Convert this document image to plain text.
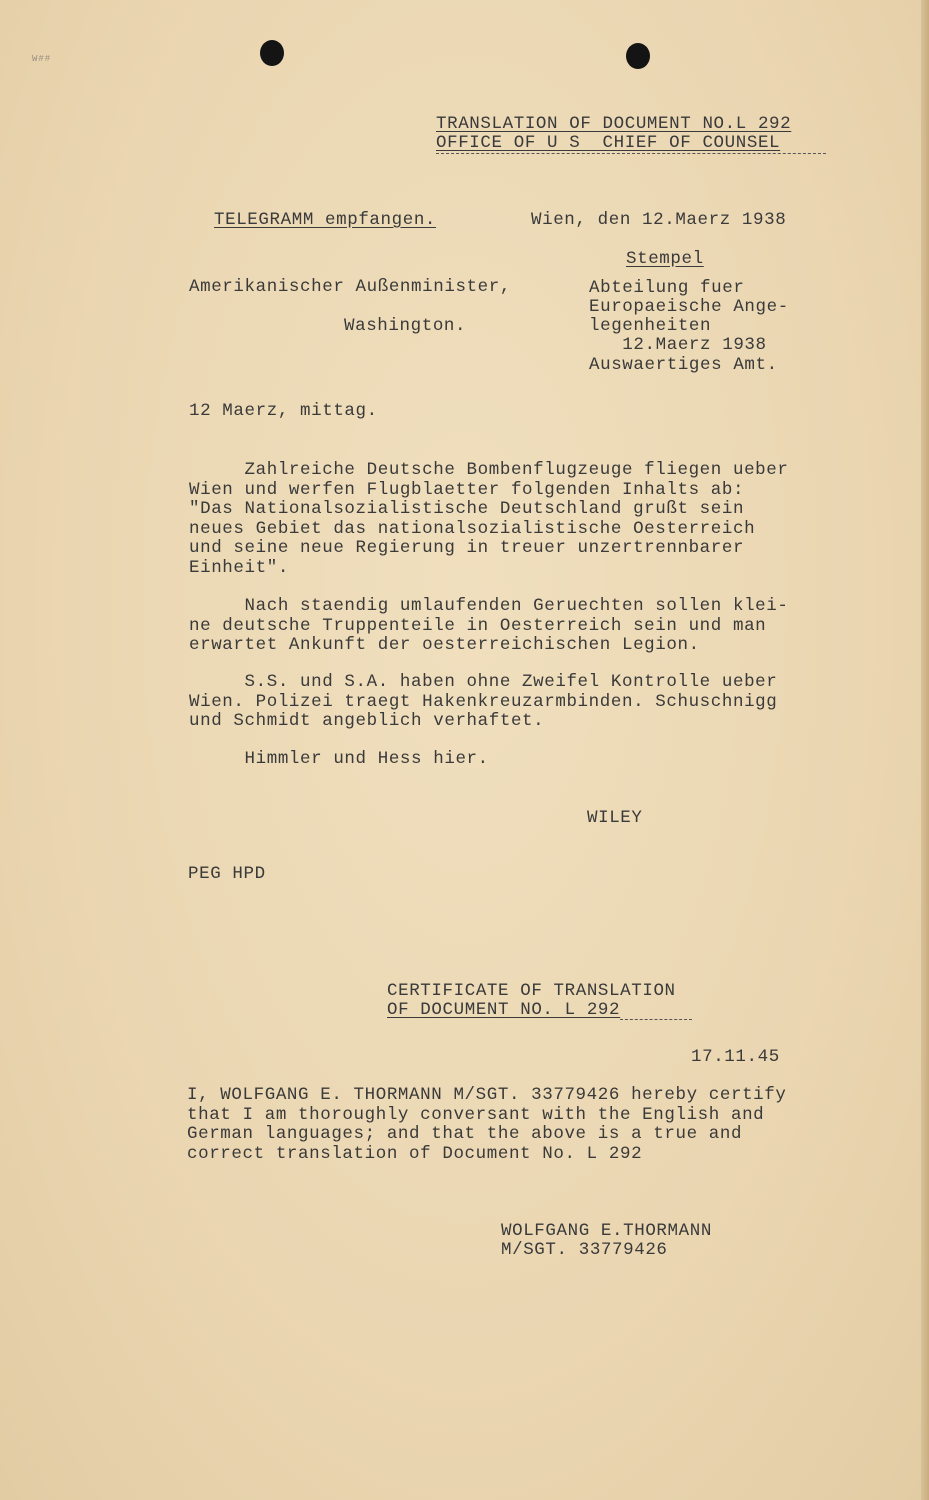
W##
TRANSLATION OF DOCUMENT NO.L 292
OFFICE OF U S  CHIEF OF COUNSEL
TELEGRAMM empfangen.	Wien, den 12.Maerz 1938
Stempel
Abteilung fuer
Europaeische Ange-
legenheiten
12.Maerz 1938
Auswaertiges Amt.
Amerikanischer Außenminister,
Washington.
12 Maerz, mittag.
Zahlreiche Deutsche Bombenflugzeuge fliegen ueber
Wien und werfen Flugblaetter folgenden Inhalts ab:
"Das Nationalsozialistische Deutschland grußt sein
neues Gebiet das nationalsozialistische Oesterreich
und seine neue Regierung in treuer unzertrennbarer
Einheit".
Nach staendig umlaufenden Geruechten sollen klei-
ne deutsche Truppenteile in Oesterreich sein und man
erwartet Ankunft der oesterreichischen Legion.
S.S. und S.A. haben ohne Zweifel Kontrolle ueber
Wien. Polizei traegt Hakenkreuzarmbinden. Schuschnigg
und Schmidt angeblich verhaftet.
Himmler und Hess hier.
WILEY
PEG HPD
CERTIFICATE OF TRANSLATION
OF DOCUMENT NO. L 292
17.11.45
I, WOLFGANG E. THORMANN M/SGT. 33779426 hereby certify
that I am thoroughly conversant with the English and
German languages; and that the above is a true and
correct translation of Document No. L 292
WOLFGANG E.THORMANN
M/SGT. 33779426
